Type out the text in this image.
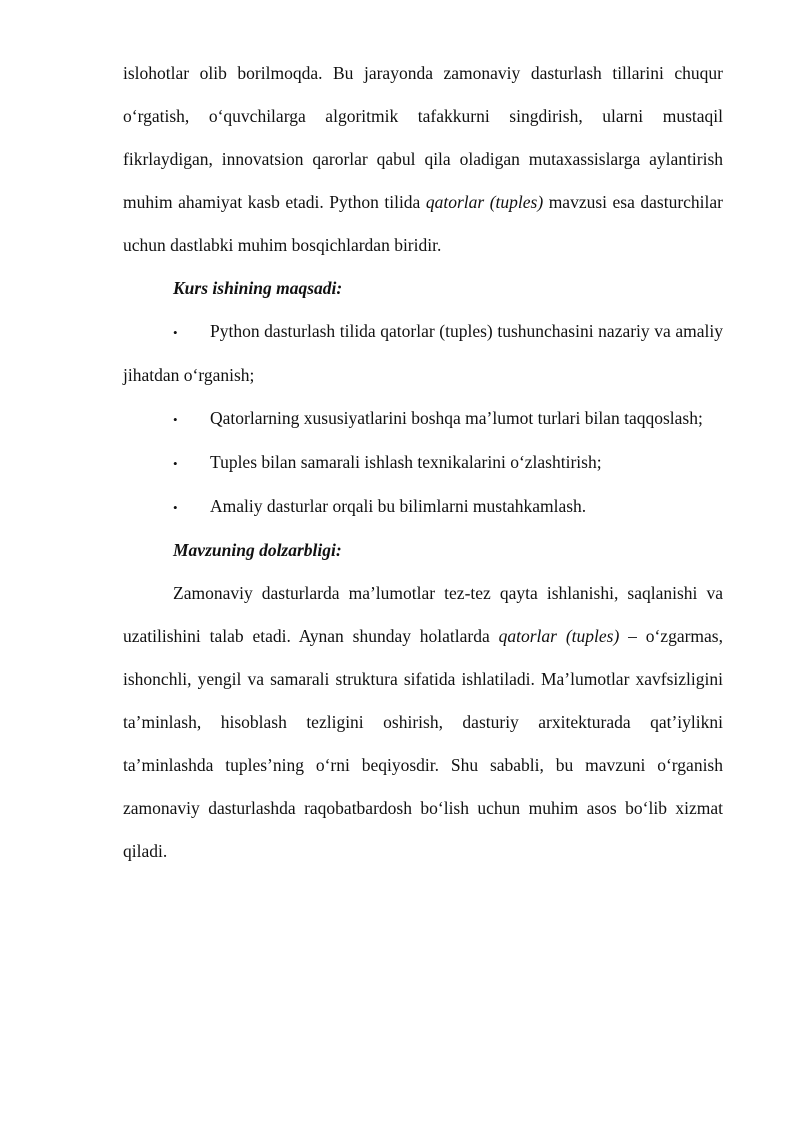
islohotlar olib borilmoqda. Bu jarayonda zamonaviy dasturlash tillarini chuqur o‘rgatish, o‘quvchilarga algoritmik tafakkurni singdirish, ularni mustaqil fikrlaydigan, innovatsion qarorlar qabul qila oladigan mutaxassislarga aylantirish muhim ahamiyat kasb etadi. Python tilida qatorlar (tuples) mavzusi esa dasturchilar uchun dastlabki muhim bosqichlardan biridir.

Kurs ishining maqsadi:

• Python dasturlash tilida qatorlar (tuples) tushunchasini nazariy va amaliy jihatdan o‘rganish;

• Qatorlarning xususiyatlarini boshqa ma’lumot turlari bilan taqqoslash;

• Tuples bilan samarali ishlash texnikalarini o‘zlashtirish;

• Amaliy dasturlar orqali bu bilimlarni mustahkamlash.

Mavzuning dolzarbligi:

Zamonaviy dasturlarda ma’lumotlar tez-tez qayta ishlanishi, saqlanishi va uzatilishini talab etadi. Aynan shunday holatlarda qatorlar (tuples) – o‘zgarmas, ishonchli, yengil va samarali struktura sifatida ishlatiladi. Ma’lumotlar xavfsizligini ta’minlash, hisoblash tezligini oshirish, dasturiy arxitekturada qat’iylikni ta’minlashda tuples’ning o‘rni beqiyosdir. Shu sababli, bu mavzuni o‘rganish zamonaviy dasturlashda raqobatbardosh bo‘lish uchun muhim asos bo‘lib xizmat qiladi.
